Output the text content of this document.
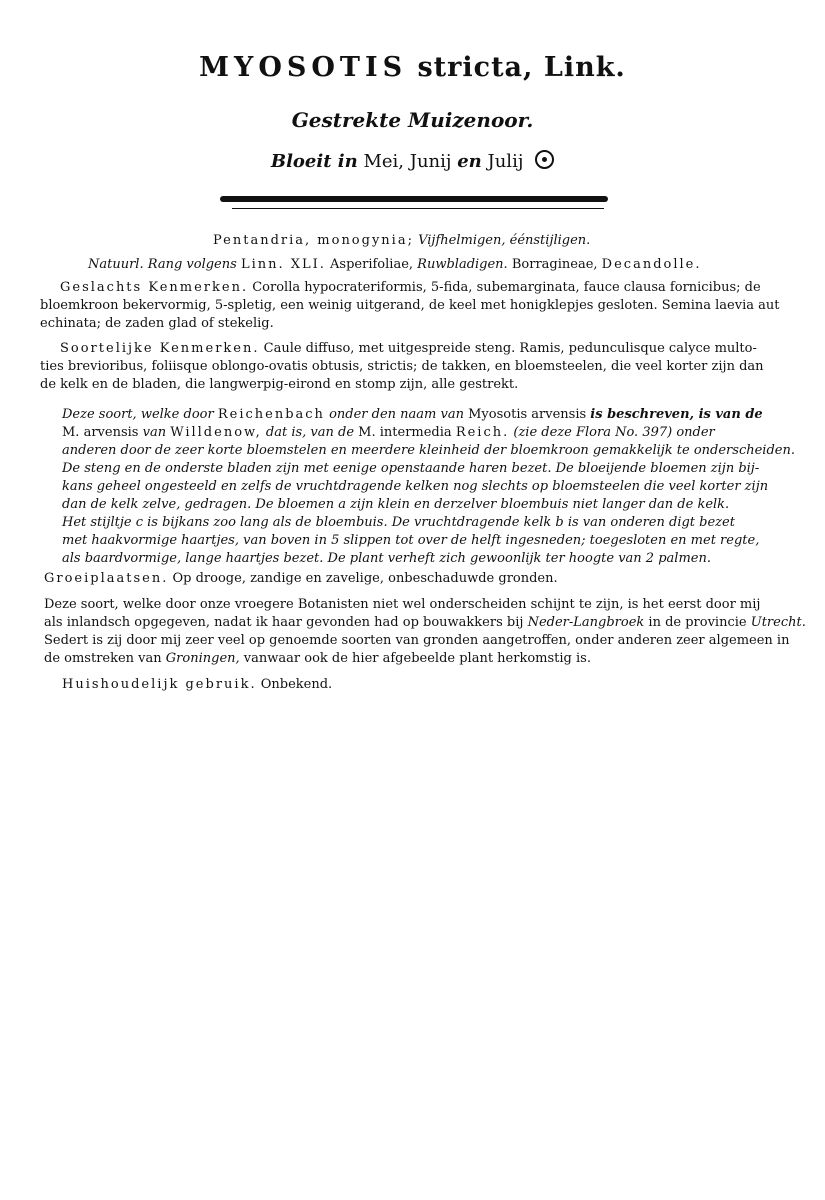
MYOSOTIS stricta, Link.
Gestrekte Muizenoor.
Bloeit in Mei, Junij en Julij
Pentandria, monogynia; Vijfhelmigen, éénstijligen.
Natuurl. Rang volgens Linn. XLI. Asperifoliae, Ruwbladigen. Borragineae, Decandolle.
Geslachts Kenmerken. Corolla hypocrateriformis, 5-fida, subemarginata, fauce clausa fornicibus; de
bloemkroon bekervormig, 5-spletig, een weinig uitgerand, de keel met honigklepjes gesloten. Semina laevia aut
echinata; de zaden glad of stekelig.
Soortelijke Kenmerken. Caule diffuso, met uitgespreide steng. Ramis, pedunculisque calyce multo-
ties brevioribus, foliisque oblongo-ovatis obtusis, strictis; de takken, en bloemsteelen, die veel korter zijn dan
de kelk en de bladen, die langwerpig-eirond en stomp zijn, alle gestrekt.
Deze soort, welke door Reichenbach onder den naam van Myosotis arvensis is beschreven, is van de
M. arvensis van Willdenow, dat is, van de M. intermedia Reich. (zie deze Flora No. 397) onder
anderen door de zeer korte bloemstelen en meerdere kleinheid der bloemkroon gemakkelijk te onderscheiden.
De steng en de onderste bladen zijn met eenige openstaande haren bezet. De bloeijende bloemen zijn bij-
kans geheel ongesteeld en zelfs de vruchtdragende kelken nog slechts op bloemsteelen die veel korter zijn
dan de kelk zelve, gedragen. De bloemen a zijn klein en derzelver bloembuis niet langer dan de kelk.
Het stijltje c is bijkans zoo lang als de bloembuis. De vruchtdragende kelk b is van onderen digt bezet
met haakvormige haartjes, van boven in 5 slippen tot over de helft ingesneden; toegesloten en met regte,
als baardvormige, lange haartjes bezet. De plant verheft zich gewoonlijk ter hoogte van 2 palmen.
Groeiplaatsen. Op drooge, zandige en zavelige, onbeschaduwde gronden.
Deze soort, welke door onze vroegere Botanisten niet wel onderscheiden schijnt te zijn, is het eerst door mij
als inlandsch opgegeven, nadat ik haar gevonden had op bouwakkers bij Neder-Langbroek in de provincie Utrecht.
Sedert is zij door mij zeer veel op genoemde soorten van gronden aangetroffen, onder anderen zeer algemeen in
de omstreken van Groningen, vanwaar ook de hier afgebeelde plant herkomstig is.
Huishoudelijk gebruik. Onbekend.
